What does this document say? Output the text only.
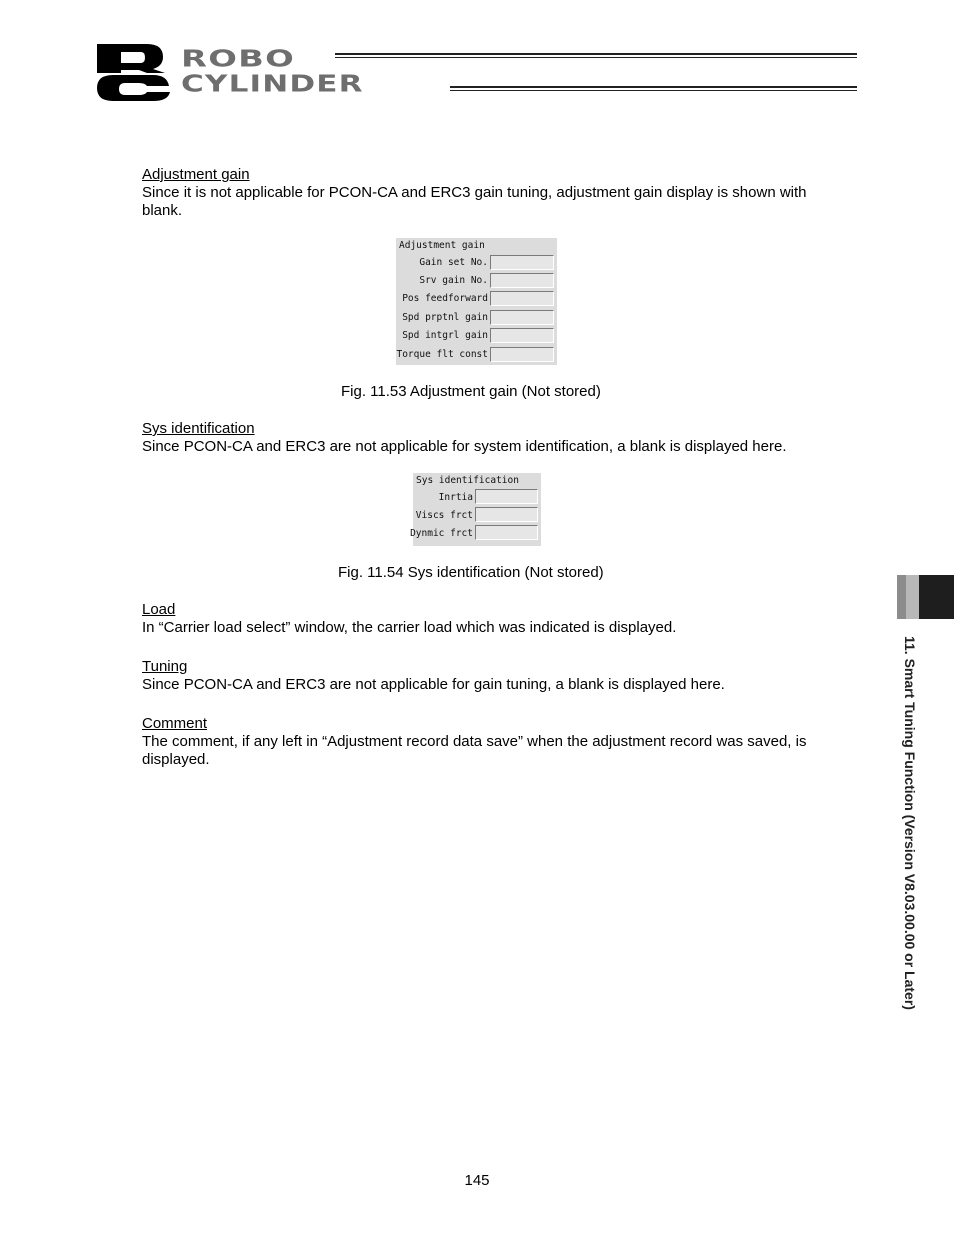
ROBO
CYLINDER
Adjustment gain
Since it is not applicable for PCON-CA and ERC3 gain tuning, adjustment gain display is shown with blank.
Adjustment gain
Gain set No.
Srv gain No.
Pos feedforward
Spd prptnl gain
Spd intgrl gain
Torque flt const
Fig. 11.53 Adjustment gain (Not stored)
Sys identification
Since PCON-CA and ERC3 are not applicable for system identification, a blank is displayed here.
Sys identification
Inrtia
Viscs frct
Dynmic frct
Fig. 11.54 Sys identification (Not stored)
Load
In “Carrier load select” window, the carrier load which was indicated is displayed.
Tuning
Since PCON-CA and ERC3 are not applicable for gain tuning, a blank is displayed here.
Comment
The comment, if any left in “Adjustment record data save” when the adjustment record was saved, is displayed.	11. Smart Tuning Function (Version V8.03.00.00 or Later)
145
